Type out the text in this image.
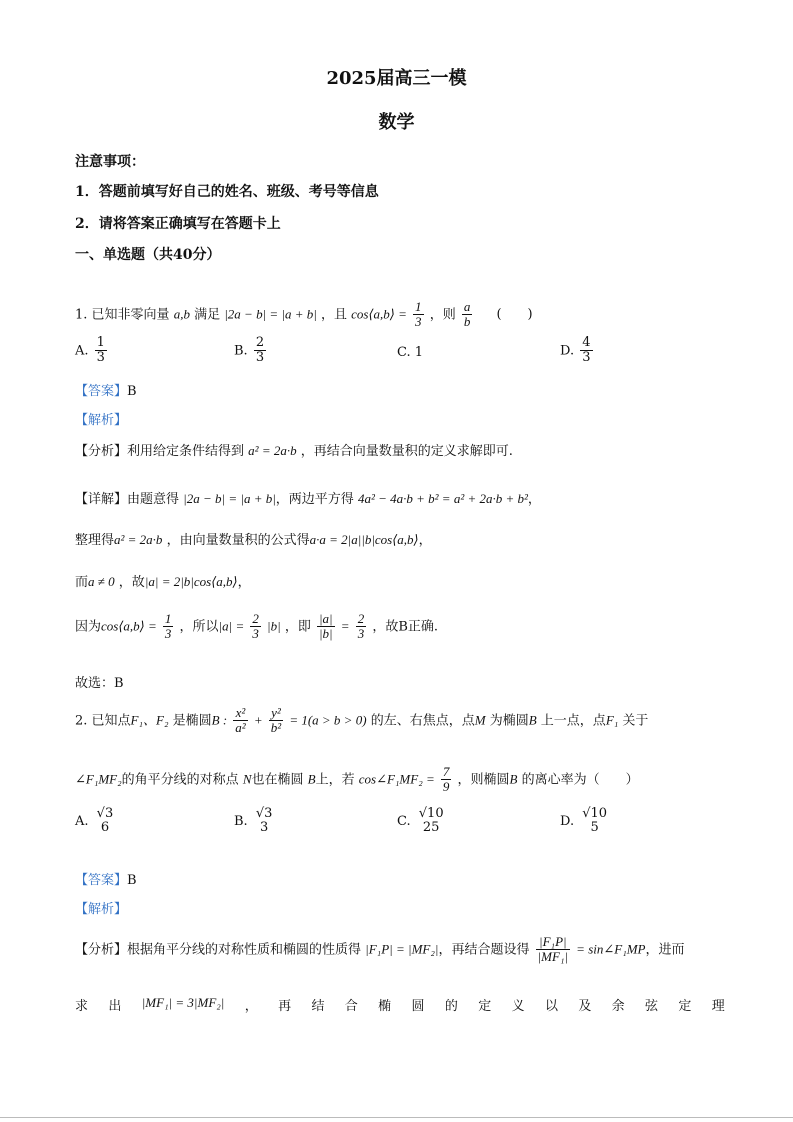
2025届高三一模
数学
注意事项：
1．答题前填写好自己的姓名、班级、考号等信息
2．请将答案正确填写在答题卡上
一、单选题（共40分）
1. 已知非零向量 a,b 满足 |2a − b| = |a + b| ，且 cos⟨a,b⟩ = $\frac{1}{3}$ ，则 $\frac{a}{b}$ (　　)
A. $\frac{1}{3}$	B. $\frac{2}{3}$	C. 1	D. $\frac{4}{3}$
【答案】B
【解析】
【分析】利用给定条件结得到 a² = 2a·b ，再结合向量数量积的定义求解即可.
【详解】由题意得 |2a − b| = |a + b|，两边平方得 4a² − 4a·b + b² = a² + 2a·b + b²，
整理得a² = 2a·b ，由向量数量积的公式得a·a = 2|a||b|cos⟨a,b⟩，
而a ≠ 0 ，故|a| = 2|b|cos⟨a,b⟩，
因为cos⟨a,b⟩ = $\frac{1}{3}$ ，所以$|a| = \frac{2}{3} |b|$ ，即 $\frac{|a|}{|b|} = \frac{2}{3}$ ，故B正确.
故选：B
2. 已知点F₁、F₂ 是椭圆B : $\frac{\text{x²}}{\text{a²}} + \frac{\text{y²}}{\text{b²}} = 1(a > b > 0)$ 的左、右焦点，点M 为椭圆B 上一点，点F₁ 关于
∠F₁MF₂的角平分线的对称点 N也在椭圆 B上，若 cos∠F₁MF₂ = $\frac{7}{9}$ ，则椭圆B 的离心率为（　　）
A.
√3
6	B.
√3
3	C.
√10
25	D.
√10
5
【答案】B
【解析】
【分析】根据角平分线的对称性质和椭圆的性质得 |F₁P| = |MF₂|，再结合题设得 $\frac{\text{|F₁P|}}{\text{|MF₁|}}$ = sin∠F₁MP，进而
求 出 |MF₁| = 3|MF₂| ， 再 结 合 椭 圆 的 定 义 以 及 余 弦 定 理
